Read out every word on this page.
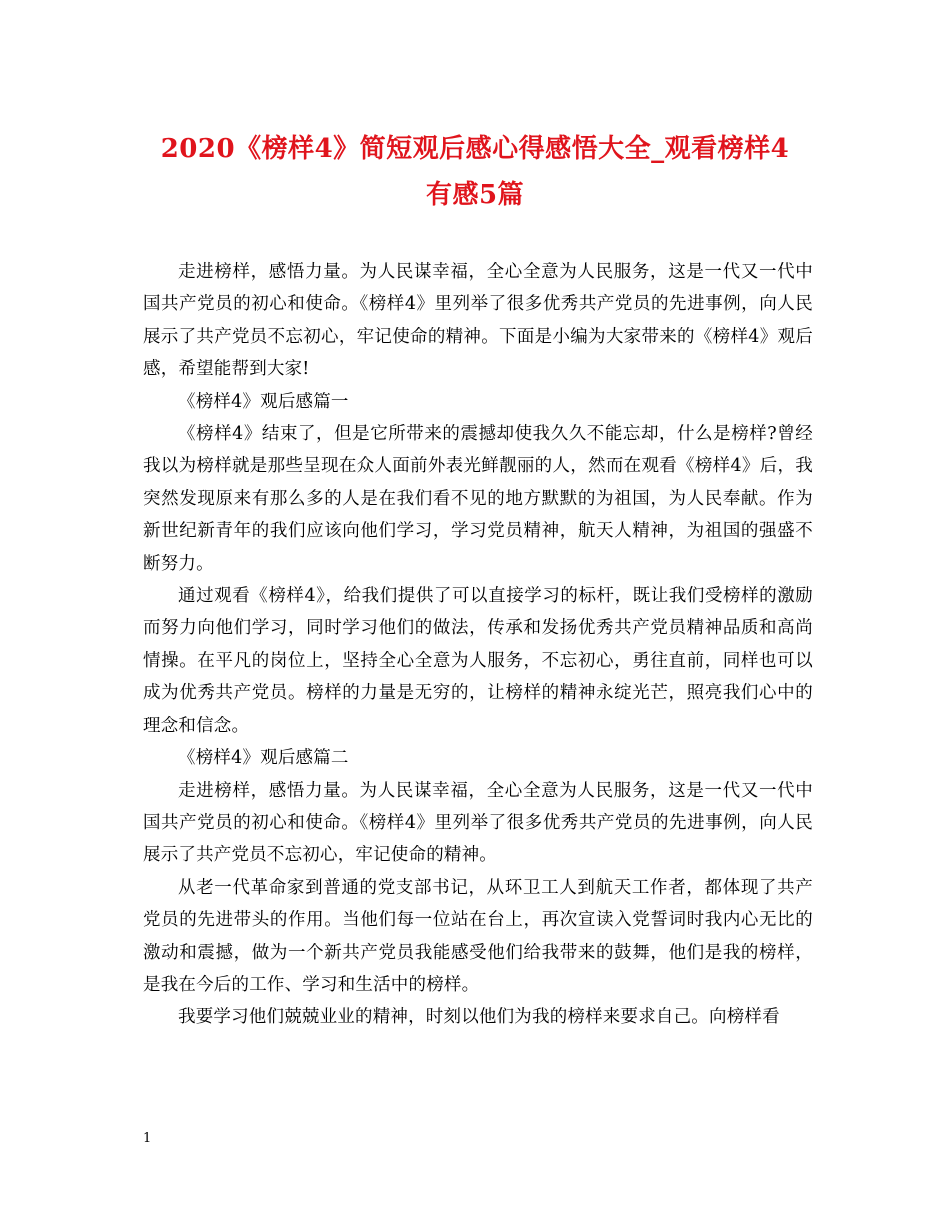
2020《榜样4》简短观后感心得感悟大全_观看榜样4
有感5篇

走进榜样，感悟力量。为人民谋幸福，全心全意为人民服务，这是一代又一代中国共产党员的初心和使命。《榜样4》里列举了很多优秀共产党员的先进事例，向人民展示了共产党员不忘初心，牢记使命的精神。下面是小编为大家带来的《榜样4》观后感，希望能帮到大家!

《榜样4》观后感篇一

《榜样4》结束了，但是它所带来的震撼却使我久久不能忘却，什么是榜样?曾经我以为榜样就是那些呈现在众人面前外表光鲜靓丽的人，然而在观看《榜样4》后，我突然发现原来有那么多的人是在我们看不见的地方默默的为祖国，为人民奉献。作为新世纪新青年的我们应该向他们学习，学习党员精神，航天人精神，为祖国的强盛不断努力。

通过观看《榜样4》，给我们提供了可以直接学习的标杆，既让我们受榜样的激励而努力向他们学习，同时学习他们的做法，传承和发扬优秀共产党员精神品质和高尚情操。在平凡的岗位上，坚持全心全意为人服务，不忘初心，勇往直前，同样也可以成为优秀共产党员。榜样的力量是无穷的，让榜样的精神永绽光芒，照亮我们心中的理念和信念。

《榜样4》观后感篇二

走进榜样，感悟力量。为人民谋幸福，全心全意为人民服务，这是一代又一代中国共产党员的初心和使命。《榜样4》里列举了很多优秀共产党员的先进事例，向人民展示了共产党员不忘初心，牢记使命的精神。

从老一代革命家到普通的党支部书记，从环卫工人到航天工作者，都体现了共产党员的先进带头的作用。当他们每一位站在台上，再次宣读入党誓词时我内心无比的激动和震撼，做为一个新共产党员我能感受他们给我带来的鼓舞，他们是我的榜样，是我在今后的工作、学习和生活中的榜样。

我要学习他们兢兢业业的精神，时刻以他们为我的榜样来要求自己。向榜样看

1
